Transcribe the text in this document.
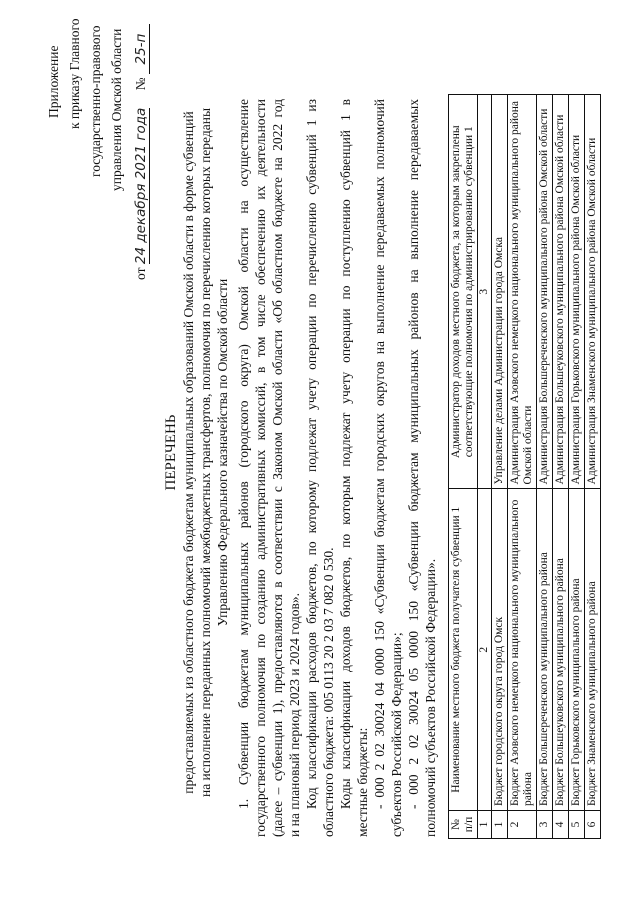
Приложение к приказу Главного государственно-правового управления Омской области
от 24 декабря 2021 года № 25-п
ПЕРЕЧЕНЬ предоставляемых из областного бюджета бюджетам муниципальных образований Омской области в форме субвенций на исполнение переданных полномочий межбюджетных трансфертов, полномочия по перечислению которых переданы Управлению Федерального казначейства по Омской области 1. Субвенции бюджетам муниципальных районов (городского округа) Омской области на осуществление государственного полномочия по созданию административных комиссий, в том числе обеспечению их деятельности (далее – субвенции 1), предоставляются в соответствии с Законом Омской области «Об областном бюджете на 2022 год и на плановый период 2023 и 2024 годов». Код классификации расходов бюджетов, по которому подлежат учету операции по перечислению субвенций 1 из областного бюджета: 005 0113 20 2 03 7 082 0 530. Коды классификации доходов бюджетов, по которым подлежат учету операции по поступлению субвенций 1 в местные бюджеты: - 000 2 02 30024 04 0000 150 «Субвенции бюджетам городских округов на выполнение передаваемых полномочий субъектов Российской Федерации»; - 000 2 02 30024 05 0000 150 «Субвенции бюджетам муниципальных районов на выполнение передаваемых полномочий субъектов Российской Федерации». № п/п	Наименование местного бюджета получателя субвенции 1	Администратор доходов местного бюджета, за которым закреплены соответствующие полномочия по администрированию субвенции 1
1	2	3
1	Бюджет городского округа город Омск	Управление делами Администрации города Омска
2	Бюджет Азовского немецкого национального муниципального района	Администрация Азовского немецкого национального муниципального района Омской области
3	Бюджет Большереченского муниципального района	Администрация Большереченского муниципального района Омской области
4	Бюджет Большеуковского муниципального района	Администрация Большеуковского муниципального района Омской области
5	Бюджет Горьковского муниципального района	Администрация Горьковского муниципального района Омской области
6	Бюджет Знаменского муниципального района	Администрация Знаменского муниципального района Омской области
